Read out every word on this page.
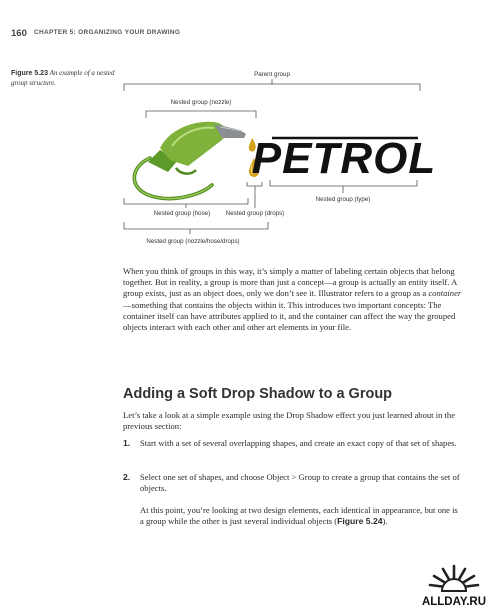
160 CHAPTER 5: ORGANIZING YOUR DRAWING
Figure 5.23 An example of a nested group structure.
Parent group
Nested group (nozzle)
PETROL
Nested group (type)
Nested group (hose)	Nested group (drops)
Nested group (nozzle/hose/drops)
When you think of groups in this way, it’s simply a matter of labeling certain objects that belong together. But in reality, a group is more than just a concept—a group is actually an entity itself. A group exists, just as an object does, only we don’t see it. Illustrator refers to a group as a container—something that contains the objects within it. This introduces two important concepts: The container itself can have attributes applied to it, and the container can affect the way the grouped objects interact with each other and other art elements in your file.
Adding a Soft Drop Shadow to a Group
Let’s take a look at a simple example using the Drop Shadow effect you just learned about in the previous section:
1. Start with a set of several overlapping shapes, and create an exact copy of that set of shapes.
2. Select one set of shapes, and choose Object > Group to create a group that contains the set of objects.
At this point, you’re looking at two design elements, each identical in appearance, but one is a group while the other is just several individual objects (Figure 5.24).
ALLDAY.RU
